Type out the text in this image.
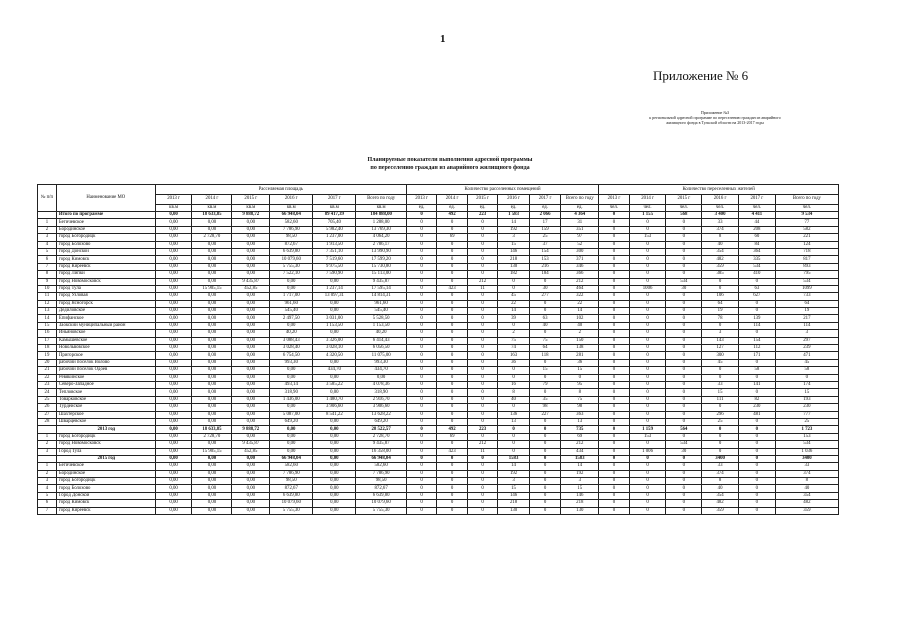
1
Приложение № 6
Приложение №3
к региональной адресной программе по переселению граждан из аварийного
жилищного фонда в Тульской области на 2013-2017 годы
Планируемые показатели выполнения адресной программы
по переселению граждан из аварийного жилищного фонда
№ п/п	Наименование МО	Расселяемая площадь						Количество расселенных помещений						Количество переселенных жителей					
		2013 г	2014 г	2015 г	2016 г	2017 г	Всего по году	2013 г	2014 г	2015 г	2016 г	2017 г	Всего по году	2013 г	2014 г	2015 г	2016 г	2017 г	Всего по году
		кв.м	кв.м	кв.м	кв.м	кв.м	кв.м	ед.	ед.	ед.	ед.	ед.	ед.	чел.	чел.	чел.	чел.	чел.	чел.
	Итого по программе	0,00	18 633,85	9 888,72	66 948,04	89 417,39	184 888,00	0	492	223	1 583	2 066	4 364	0	1 155	568	3 400	4 411	9 534
1	Бегичевское	0,00	0,00	0,00	582,60	705,40	1 288,00	0	0	0	14	17	31	0	0	0	33	44	77
2	Бородинское	0,00	0,00	0,00	7 786,90	5 982,40	13 769,30	0	0	0	192	159	351	0	0	0	374	208	582
3	город Богородицк	0,00	2 728,70	0,00	98,50	1 237,00	4 064,20	0	69	0	3	25	97	0	153	0	8	60	221
4	город Болохово	0,00	0,00	0,00	872,67	1 913,50	2 786,17	0	0	0	15	37	52	0	0	0	40	84	124
5	город Донской	0,00	0,00	0,00	6 639,80	7 351,10	13 990,90	0	0	0	146	154	300	0	0	0	354	364	718
6	город Кимовск	0,00	0,00	0,00	10 079,60	7 519,60	17 599,20	0	0	0	218	153	371	0	0	0	482	335	817
7	город Киреевск	0,00	0,00	0,00	5 755,30	9 975,50	15 730,80	0	0	0	130	216	346	0	0	0	359	534	893
8	город Липки	0,00	0,00	0,00	7 522,10	7 590,90	15 113,00	0	0	0	182	184	366	0	0	0	385	410	795
9	город Новомосковск	0,00	0,00	9 435,87	0,00	0,00	9 435,87	0	0	212	0	0	212	0	0	534	0	0	534
10	город Тула	0,00	15 905,15	452,85	0,00	1 237,14	17 595,14	0	423	11	0	30	464	0	1006	30	0	63	1099
11	город Узловая	0,00	0,00	0,00	1 717,00	13 097,31	14 814,31	0	0	0	45	277	322	0	0	0	106	627	733
12	город Ясногорск	0,00	0,00	0,00	961,60	0,00	961,60	0	0	0	22	0	22	0	0	0	64	0	64
13	Дедиловское	0,00	0,00	0,00	545,40	0,00	545,40	0	0	0	14	0	14	0	0	0	19	0	19
14	Епифанское	0,00	0,00	0,00	2 497,50	3 031,00	5 528,50	0	0	0	39	63	102	0	0	0	78	139	217
15	Заокский муниципальный район	0,00	0,00	0,00	0,00	1 153,50	1 153,50	0	0	0	0	40	40	0	0	0	0	114	114
16	Иньяновское	0,00	0,00	0,00	40,20	0,00	40,20	0	0	0	2	0	2	0	0	0	3	0	3
17	Камышевское	0,00	0,00	0,00	3 088,43	3 326,00	6 414,43	0	0	0	75	75	150	0	0	0	143	154	297
18	Новольвовское	0,00	0,00	0,00	3 028,40	3 028,10	6 056,50	0	0	0	74	64	138	0	0	0	127	112	239
19	Пригорское	0,00	0,00	0,00	6 754,50	4 320,50	11 075,00	0	0	0	163	118	281	0	0	0	300	171	471
20	рабочий поселок Волово	0,00	0,00	0,00	993,30	0,00	993,30	0	0	0	36	0	36	0	0	0	45	0	45
21	рабочий поселок Одоев	0,00	0,00	0,00	0,00	434,70	434,70	0	0	0	0	15	15	0	0	0	0	58	58
22	Ревякинское	0,00	0,00	0,00	0,00	0,00	0,00	0	0	0	0	0	0	0	0	0	0	0	0
23	Северо-Западное	0,00	0,00	0,00	493,14	3 585,22	4 078,36	0	0	0	16	79	95	0	0	0	33	141	174
24	Тепловское	0,00	0,00	0,00	318,90	0,00	318,90	0	0	0	8	0	8	0	0	0	15	0	15
25	Товарковское	0,00	0,00	0,00	1 436,00	1 480,70	2 916,70	0	0	0	40	35	75	0	0	0	111	82	193
26	Турдейское	0,00	0,00	0,00	0,00	3 906,60	3 906,60	0	0	0	0	98	98	0	0	0	0	230	230
27	Шахтерское	0,00	0,00	0,00	5 087,00	8 541,22	13 628,22	0	0	0	136	227	363	0	0	0	296	481	777
28	Шварцевское	0,00	0,00	0,00	649,20	0,00	649,20	0	0	0	13	0	13	0	0	0	25	0	25
	2013 год	0,00	18 633,85	9 888,72	0,00	0,00	28 522,57	0	492	223	0	0	735	0	1 159	564	0	0	1 723
1	город Богородицк	0,00	2 728,70	0,00	0,00	0,00	2 728,70	0	69	0	0	0	69	0	153	0	0	0	153
2	город Новомосковск	0,00	0,00	9 435,87	0,00	0,00	9 435,87	0	0	212	0	0	212	0	0	534	0	0	534
3	Город Тула	0,00	15 905,15	452,85	0,00	0,00	16 358,00	0	423	11	0	0	434	0	1 006	30	0	0	1 036
	2015 год	0,00	0,00	0,00	66 948,04	0,00	66 948,04	0	0	0	1583	0	1583	0	0	0	3400	0	3400
1	Бегичевское	0,00	0,00	0,00	582,60	0,00	582,60	0	0	0	14	0	14	0	0	0	33	0	33
2	Бородинское	0,00	0,00	0,00	7 786,90	0,00	7 786,90	0	0	0	192	0	192	0	0	0	374	0	374
3	город Богородицк	0,00	0,00	0,00	98,50	0,00	98,50	0	0	0	3	0	3	0	0	0	8	0	8
4	город Болохово	0,00	0,00	0,00	872,67	0,00	872,67	0	0	0	15	0	15	0	0	0	40	0	40
5	Город Донской	0,00	0,00	0,00	6 639,80	0,00	6 639,80	0	0	0	146	0	146	0	0	0	354	0	354
6	город Кимовск	0,00	0,00	0,00	10 079,60	0,00	10 079,60	0	0	0	218	0	218	0	0	0	482	0	482
7	город Киреевск	0,00	0,00	0,00	5 755,30	0,00	5 755,30	0	0	0	130	0	130	0	0	0	359	0	359
